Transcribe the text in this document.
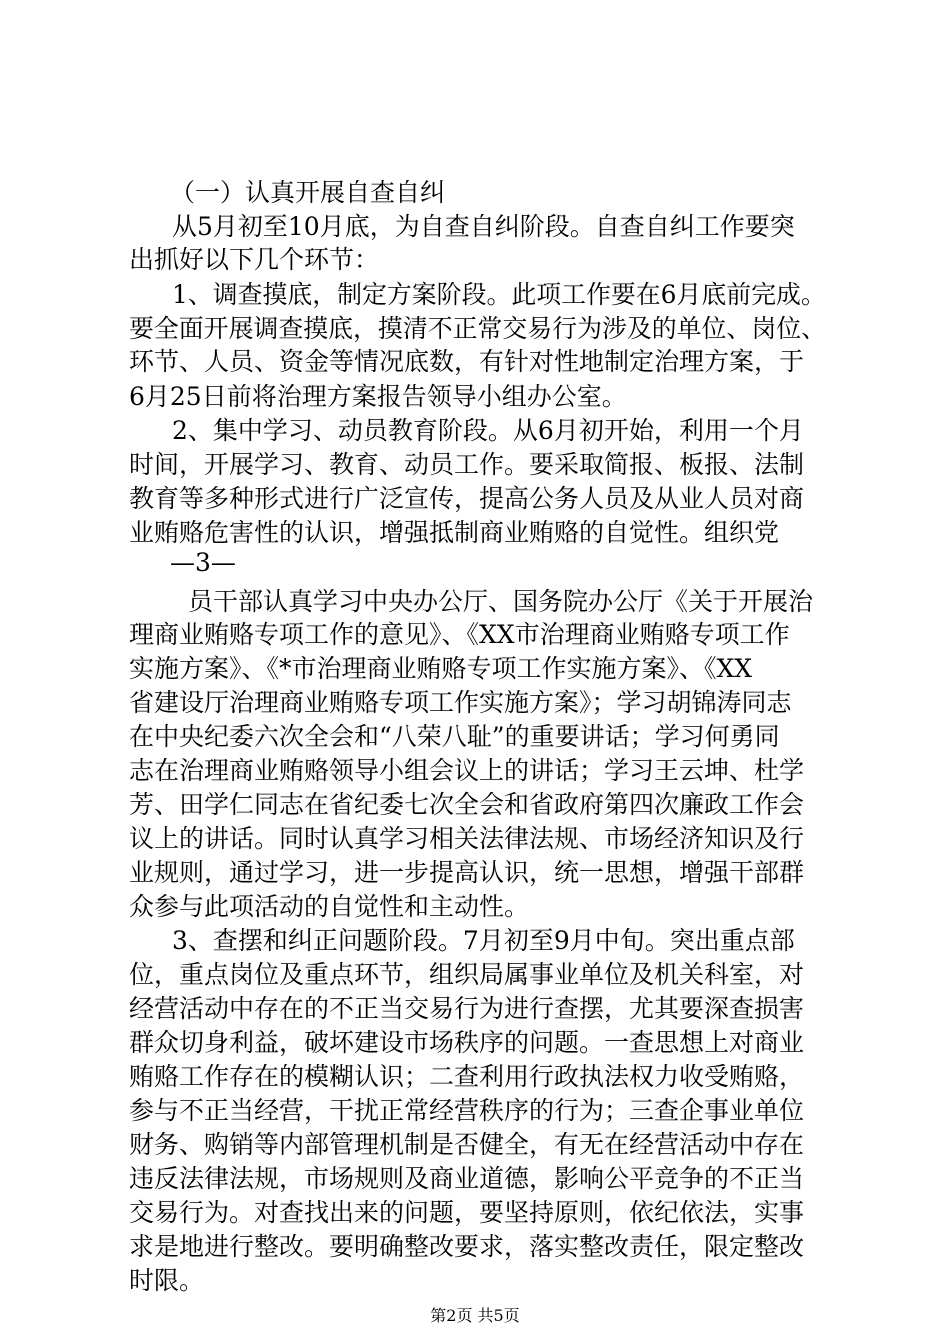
（一）认真开展自查自纠
从5月初至10月底，为自查自纠阶段。自查自纠工作要突
出抓好以下几个环节：
1、调查摸底，制定方案阶段。此项工作要在6月底前完成。
要全面开展调查摸底，摸清不正常交易行为涉及的单位、岗位、
环节、人员、资金等情况底数，有针对性地制定治理方案，于
6月25日前将治理方案报告领导小组办公室。
2、集中学习、动员教育阶段。从6月初开始，利用一个月
时间，开展学习、教育、动员工作。要采取简报、板报、法制
教育等多种形式进行广泛宣传，提高公务人员及从业人员对商
业贿赂危害性的认识，增强抵制商业贿赂的自觉性。组织党
—3—
员干部认真学习中央办公厅、国务院办公厅《关于开展治
理商业贿赂专项工作的意见》、《XX市治理商业贿赂专项工作
实施方案》、《*市治理商业贿赂专项工作实施方案》、《XX
省建设厅治理商业贿赂专项工作实施方案》；学习胡锦涛同志
在中央纪委六次全会和“八荣八耻”的重要讲话；学习何勇同
志在治理商业贿赂领导小组会议上的讲话；学习王云坤、杜学
芳、田学仁同志在省纪委七次全会和省政府第四次廉政工作会
议上的讲话。同时认真学习相关法律法规、市场经济知识及行
业规则，通过学习，进一步提高认识，统一思想，增强干部群
众参与此项活动的自觉性和主动性。
3、查摆和纠正问题阶段。7月初至9月中旬。突出重点部
位，重点岗位及重点环节，组织局属事业单位及机关科室，对
经营活动中存在的不正当交易行为进行查摆，尤其要深查损害
群众切身利益，破坏建设市场秩序的问题。一查思想上对商业
贿赂工作存在的模糊认识；二查利用行政执法权力收受贿赂，
参与不正当经营，干扰正常经营秩序的行为；三查企事业单位
财务、购销等内部管理机制是否健全，有无在经营活动中存在
违反法律法规，市场规则及商业道德，影响公平竞争的不正当
交易行为。对查找出来的问题，要坚持原则，依纪依法，实事
求是地进行整改。要明确整改要求，落实整改责任，限定整改
时限。
第2页 共5页
